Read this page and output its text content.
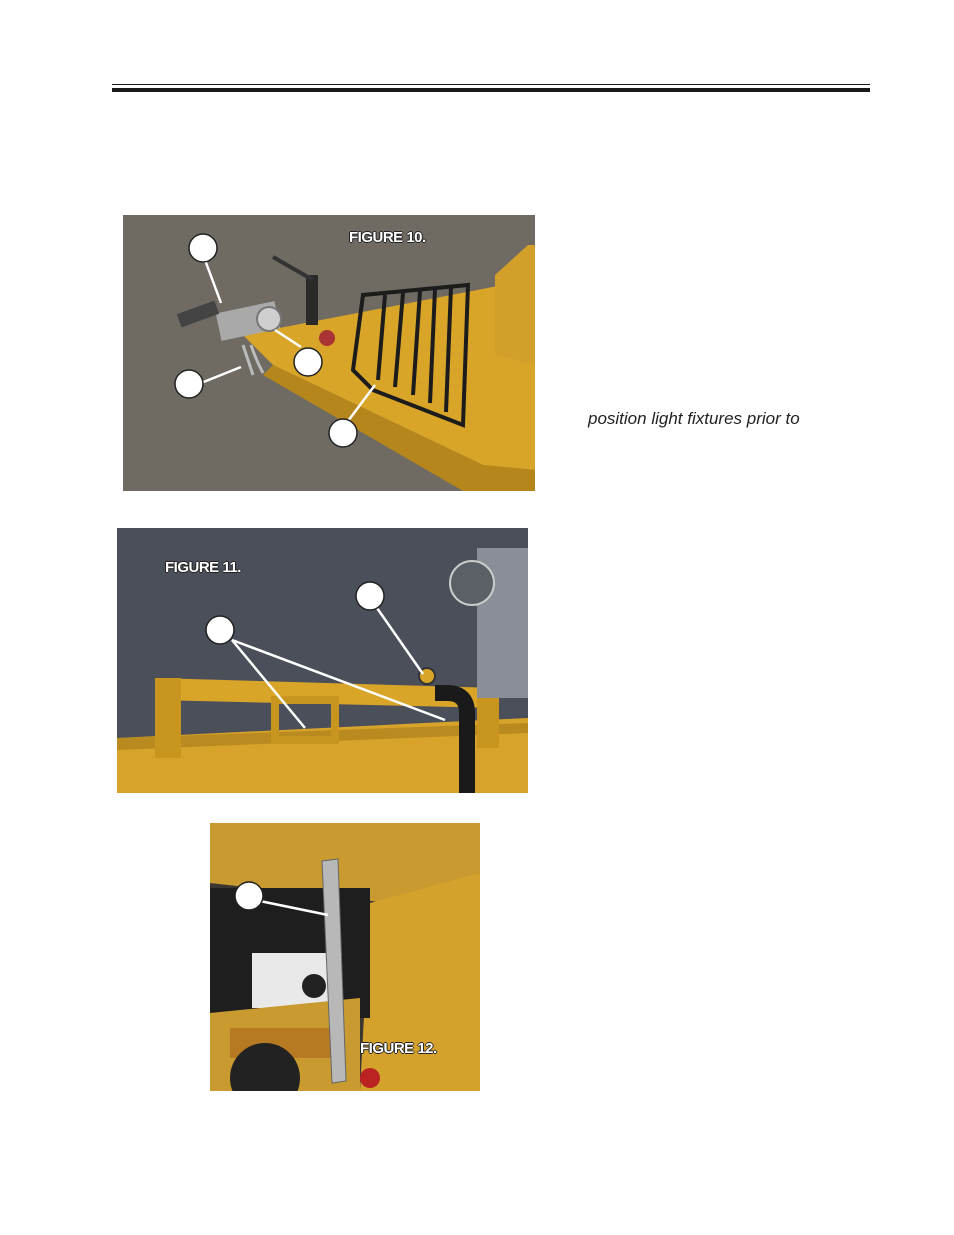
FIGURE 10.
position light fixtures prior to
FIGURE 11.
FIGURE 12.
